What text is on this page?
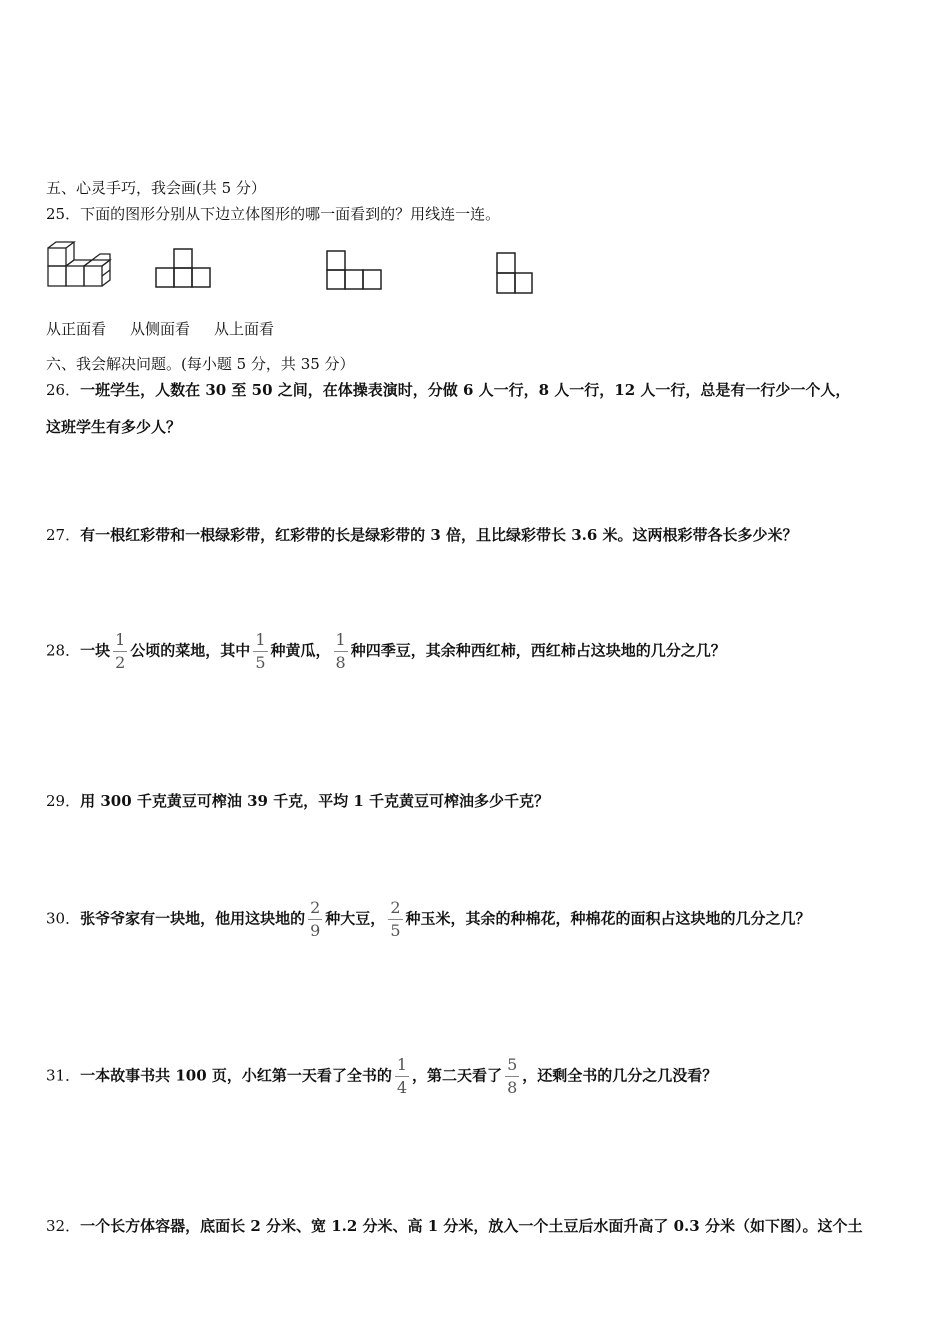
五、心灵手巧，我会画(共 5 分）
25．下面的图形分别从下边立体图形的哪一面看到的？用线连一连。
从正面看 从侧面看 从上面看
六、我会解决问题。(每小题 5 分，共 35 分）
26．一班学生，人数在 30 至 50 之间，在体操表演时，分做 6 人一行，8 人一行，12 人一行，总是有一行少一个人，
这班学生有多少人？
27．有一根红彩带和一根绿彩带，红彩带的长是绿彩带的 3 倍，且比绿彩带长 3.6 米。这两根彩带各长多少米？
28．一块 $\frac{1}{2}$ 公顷的菜地，其中 $\frac{1}{5}$ 种黄瓜， $\frac{1}{8}$ 种四季豆，其余种西红柿，西红柿占这块地的几分之几？
29．用 300 千克黄豆可榨油 39 千克，平均 1 千克黄豆可榨油多少千克？
30．张爷爷家有一块地，他用这块地的 $\frac{2}{9}$ 种大豆， $\frac{2}{5}$ 种玉米，其余的种棉花，种棉花的面积占这块地的几分之几？
31．一本故事书共 100 页，小红第一天看了全书的 $\frac{1}{4}$ ，第二天看了 $\frac{5}{8}$ ，还剩全书的几分之几没看？
32．一个长方体容器，底面长 2 分米、宽 1.2 分米、高 1 分米，放入一个土豆后水面升高了 0.3 分米（如下图）。这个土
